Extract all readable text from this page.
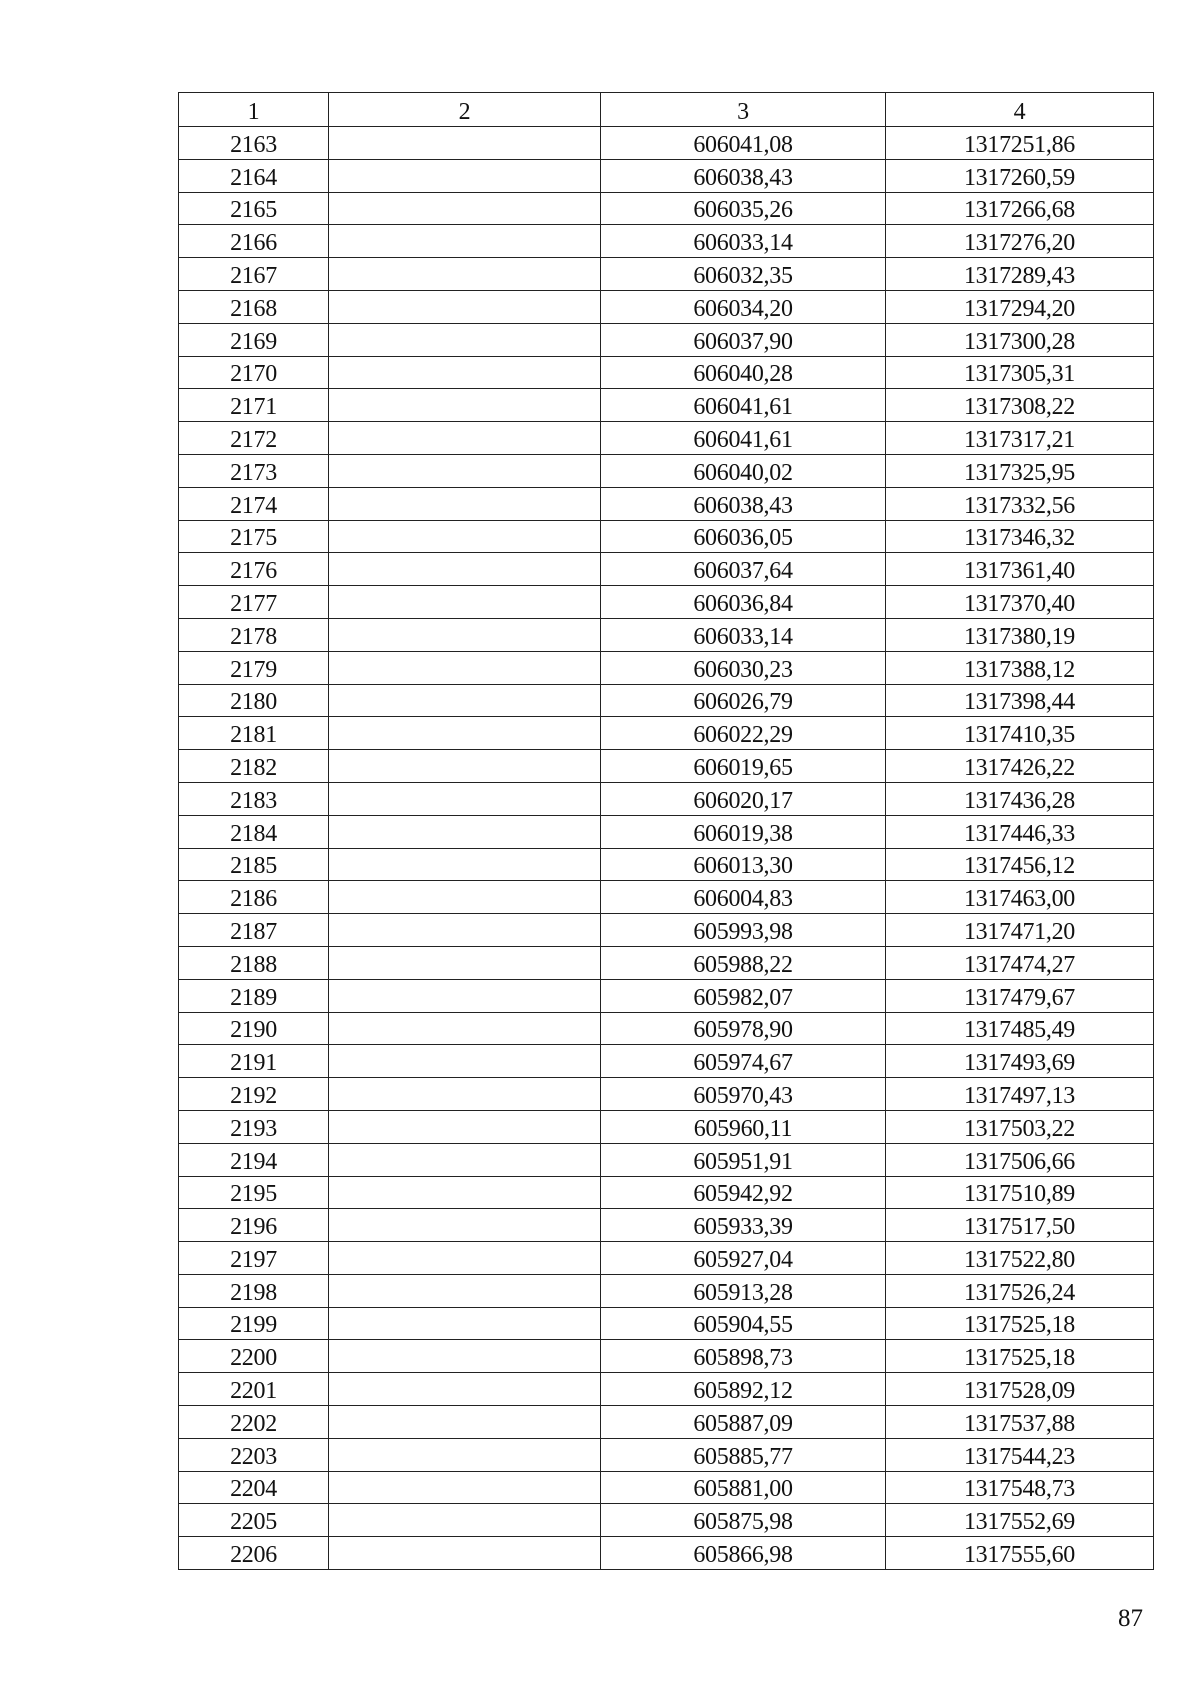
1	2	3	4
2163		606041,08	1317251,86
2164		606038,43	1317260,59
2165		606035,26	1317266,68
2166		606033,14	1317276,20
2167		606032,35	1317289,43
2168		606034,20	1317294,20
2169		606037,90	1317300,28
2170		606040,28	1317305,31
2171		606041,61	1317308,22
2172		606041,61	1317317,21
2173		606040,02	1317325,95
2174		606038,43	1317332,56
2175		606036,05	1317346,32
2176		606037,64	1317361,40
2177		606036,84	1317370,40
2178		606033,14	1317380,19
2179		606030,23	1317388,12
2180		606026,79	1317398,44
2181		606022,29	1317410,35
2182		606019,65	1317426,22
2183		606020,17	1317436,28
2184		606019,38	1317446,33
2185		606013,30	1317456,12
2186		606004,83	1317463,00
2187		605993,98	1317471,20
2188		605988,22	1317474,27
2189		605982,07	1317479,67
2190		605978,90	1317485,49
2191		605974,67	1317493,69
2192		605970,43	1317497,13
2193		605960,11	1317503,22
2194		605951,91	1317506,66
2195		605942,92	1317510,89
2196		605933,39	1317517,50
2197		605927,04	1317522,80
2198		605913,28	1317526,24
2199		605904,55	1317525,18
2200		605898,73	1317525,18
2201		605892,12	1317528,09
2202		605887,09	1317537,88
2203		605885,77	1317544,23
2204		605881,00	1317548,73
2205		605875,98	1317552,69
2206		605866,98	1317555,60
87
